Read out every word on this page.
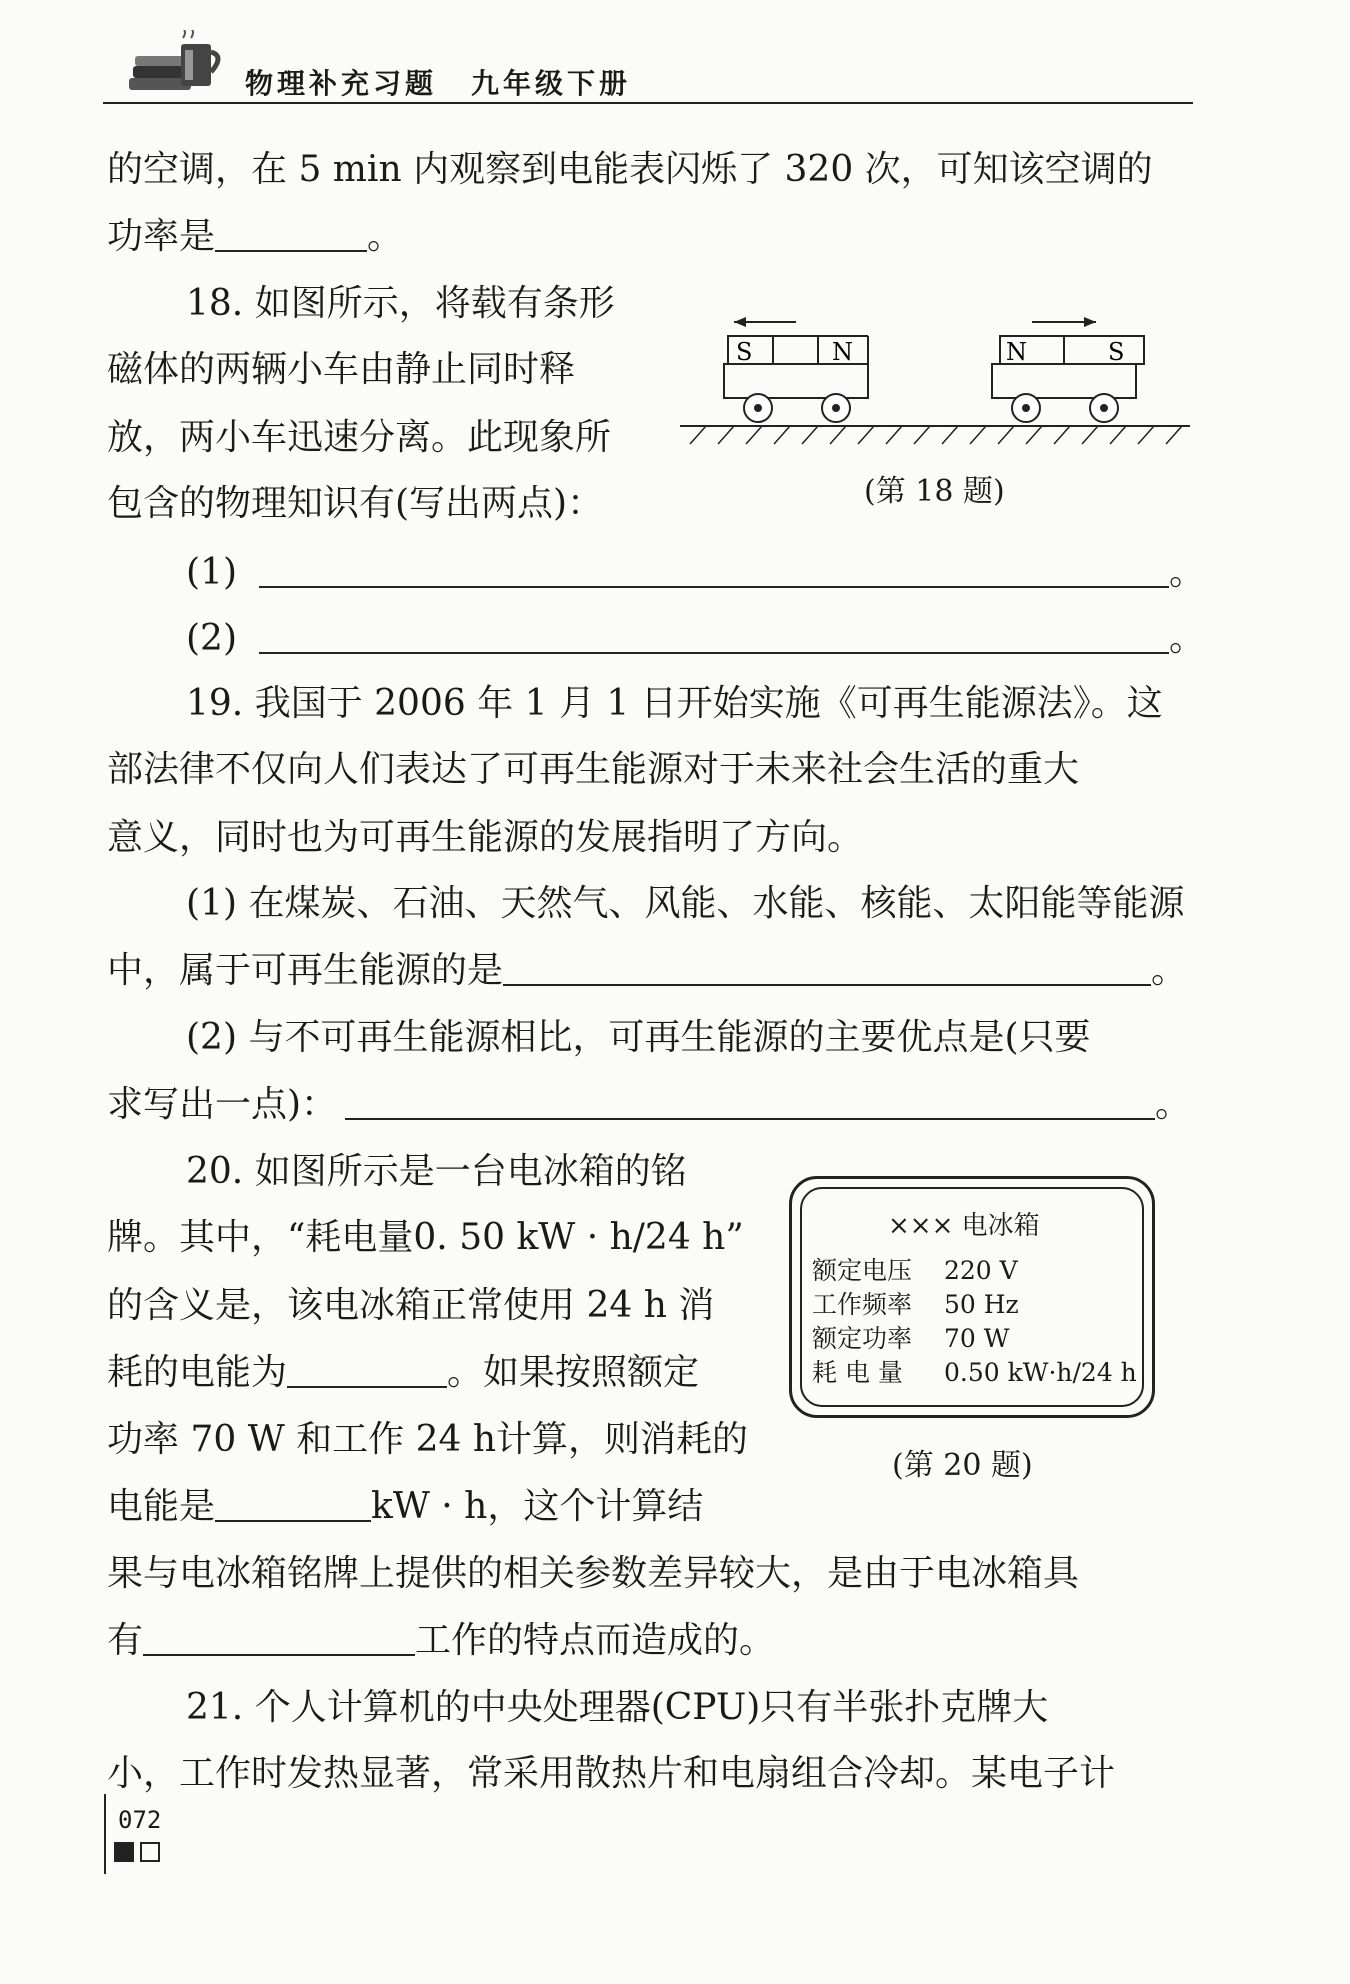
物理补充习题 九年级下册
的空调，在 5 min 内观察到电能表闪烁了 320 次，可知该空调的
功率是	。
18. 如图所示，将载有条形
磁体的两辆小车由静止同时释
放，两小车迅速分离。此现象所
包含的物理知识有(写出两点)：
S	N	N	S
(第 18 题)
(1)	。
(2)	。
19. 我国于 2006 年 1 月 1 日开始实施《可再生能源法》。这
部法律不仅向人们表达了可再生能源对于未来社会生活的重大
意义，同时也为可再生能源的发展指明了方向。
(1) 在煤炭、石油、天然气、风能、水能、核能、太阳能等能源
中，属于可再生能源的是	。
(2) 与不可再生能源相比，可再生能源的主要优点是(只要
求写出一点)：	。
20. 如图所示是一台电冰箱的铭
牌。其中，“耗电量0. 50 kW · h/24 h”
的含义是，该电冰箱正常使用 24 h 消
耗的电能为	。如果按照额定
功率 70 W 和工作 24 h计算，则消耗的
电能是	kW · h，这个计算结
果与电冰箱铭牌上提供的相关参数差异较大，是由于电冰箱具
有	工作的特点而造成的。
××× 电冰箱
额定电压 220 V
工作频率 50 Hz
额定功率 70 W
耗 电 量 0.50 kW·h/24 h
(第 20 题)
21. 个人计算机的中央处理器(CPU)只有半张扑克牌大
小，工作时发热显著，常采用散热片和电扇组合冷却。某电子计
072
